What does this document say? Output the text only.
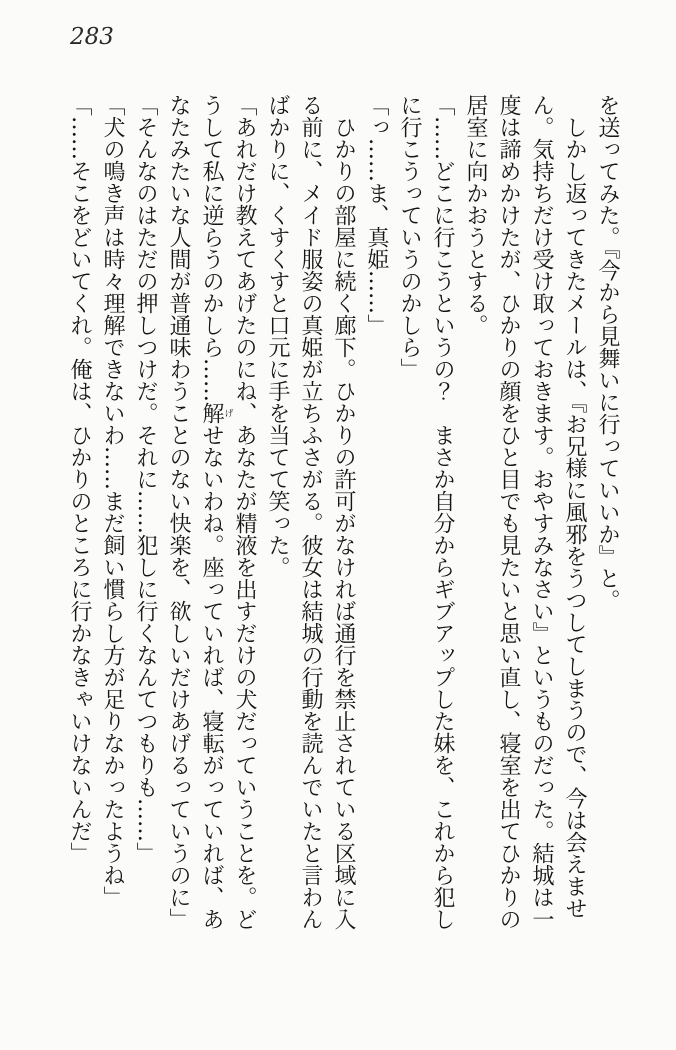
283

を送ってみた。『今から見舞いに行っていいか』と。

しかし返ってきたメールは、『お兄様に風邪をうつしてしまうので、今は会えません。気持ちだけ受け取っておきます。おやすみなさい』というものだった。結城は一度は諦めかけたが、ひかりの顔をひと目でも見たいと思い直し、寝室を出てひかりの居室に向かおうとする。

「……どこに行こうというの？　まさか自分からギブアップした妹を、これから犯しに行こうっていうのかしら」

「っ……ま、真姫……」

ひかりの部屋に続く廊下。ひかりの許可がなければ通行を禁止されている区域に入る前に、メイド服姿の真姫が立ちふさがる。彼女は結城の行動を読んでいたと言わんばかりに、くすくすと口元に手を当てて笑った。

「あれだけ教えてあげたのにね、あなたが精液を出すだけの犬だっていうことを。どうして私に逆らうのかしら……解げせないわね。座っていれば、寝転がっていれば、あなたみたいな人間が普通味わうことのない快楽を、欲しいだけあげるっていうのに」

「そんなのはただの押しつけだ。それに……犯しに行くなんてつもりも……」

「犬の鳴き声は時々理解できないわ……まだ飼い慣らし方が足りなかったようね」

「……そこをどいてくれ。俺は、ひかりのところに行かなきゃいけないんだ」
